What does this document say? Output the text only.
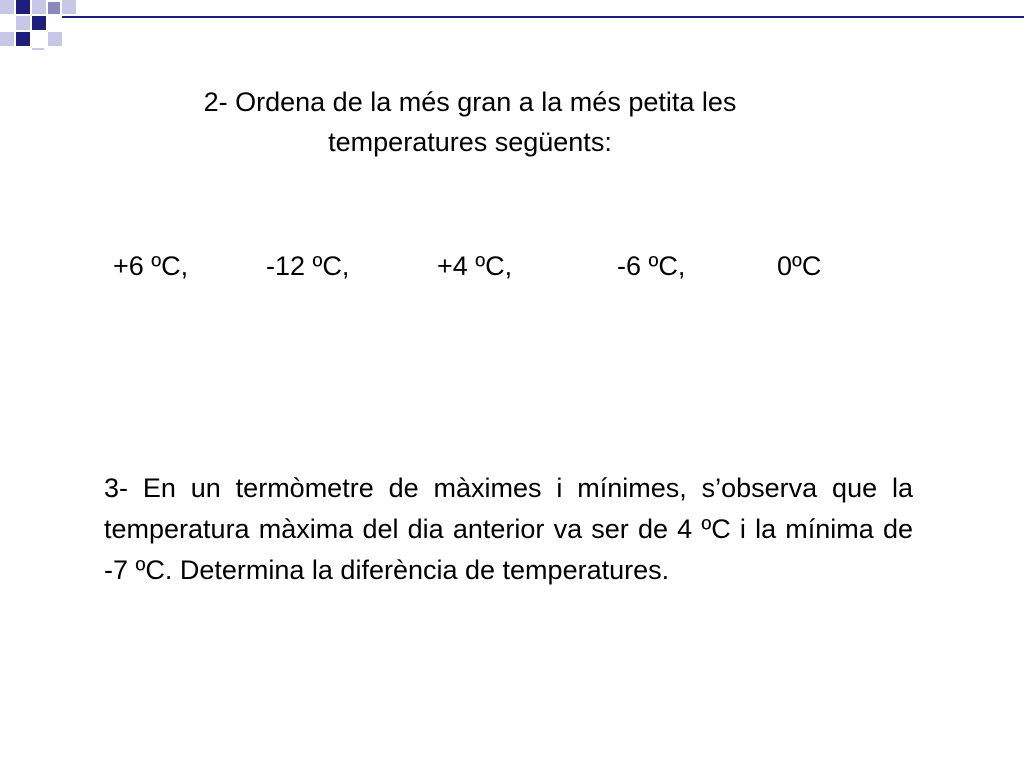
2- Ordena de la més gran a la més petita les
temperatures següents:
+6 ºC,	-12 ºC,	+4 ºC,	-6 ºC,	0ºC

3- En un termòmetre de màximes i mínimes, s’observa que la temperatura màxima del dia anterior va ser de 4 ºC i la mínima de -7 ºC. Determina la diferència de temperatures.
